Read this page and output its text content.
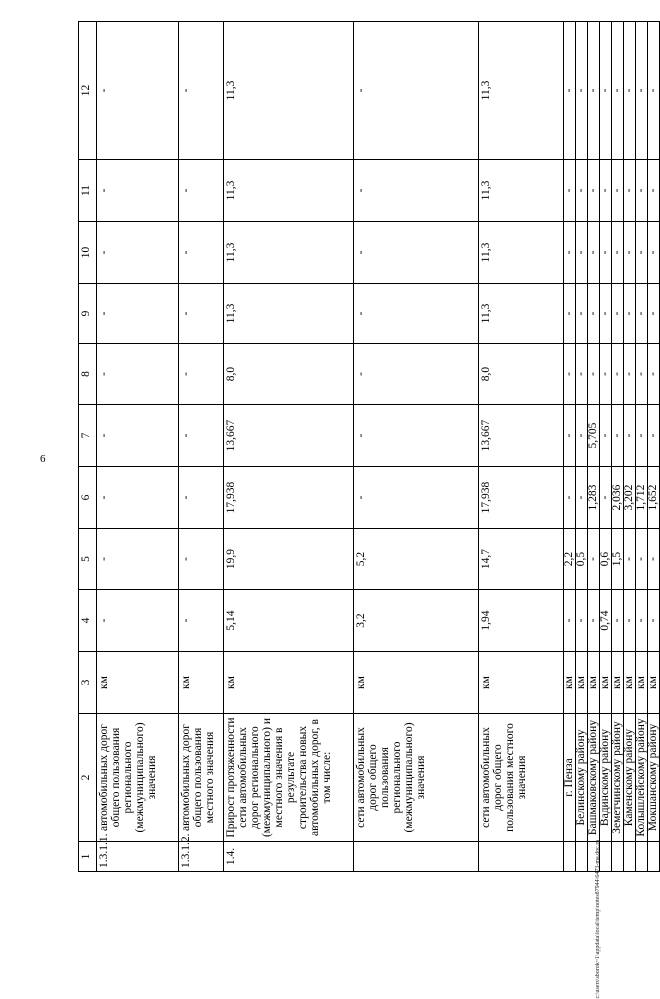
6
1	2	3	4	5	6	7	8	9	10	11	12
1.3.1.1.	автомобильных дорог общего пользования регионального (межмуниципального) значения	км	-	-	-	-	-	-	-	-	-
1.3.1.2.	автомобильных дорог общего пользования местного значения	км	-	-	-	-	-	-	-	-	-
1.4.	Прирост протяженности сети автомобильных дорог регионального (межмуниципального) и местного значения в результате строительства новых автомобильных дорог, в том числе:	км	5,14	19,9	17,938	13,667	8,0	11,3	11,3	11,3	11,3
	сети автомобильных дорог общего пользования регионального (межмуниципального) значения	км	3,2	5,2	-	-	-	-	-	-	-
	сети автомобильных дорог общего пользования местного значения	км	1,94	14,7	17,938	13,667	8,0	11,3	11,3	11,3	11,3
	г. Пенза	км	-	2,2	-	-	-	-	-	-	-
	Белинскому району	км	-	0,5	-	-	-	-	-	-	-
	Башмаковскому району	км	-	-	1,283	5,705	-	-	-	-	-
	Вадинскому району	км	0,74	0,6	-	-	-	-	-	-	-
	Земетчинскому району	км	-	1,5	2,036	-	-	-	-	-	-
	Каменскому району	км	-	-	3,202	-	-	-	-	-	-
	Колышлейскому району	км	-	-	1,712	-	-	-	-	-	-
	Мокшанскому району	км	-	-	1,652	-	-	-	-	-	-
c:\users\sborok~1\appdata\local\temp\notes87944\6473-ma.doc.ra
